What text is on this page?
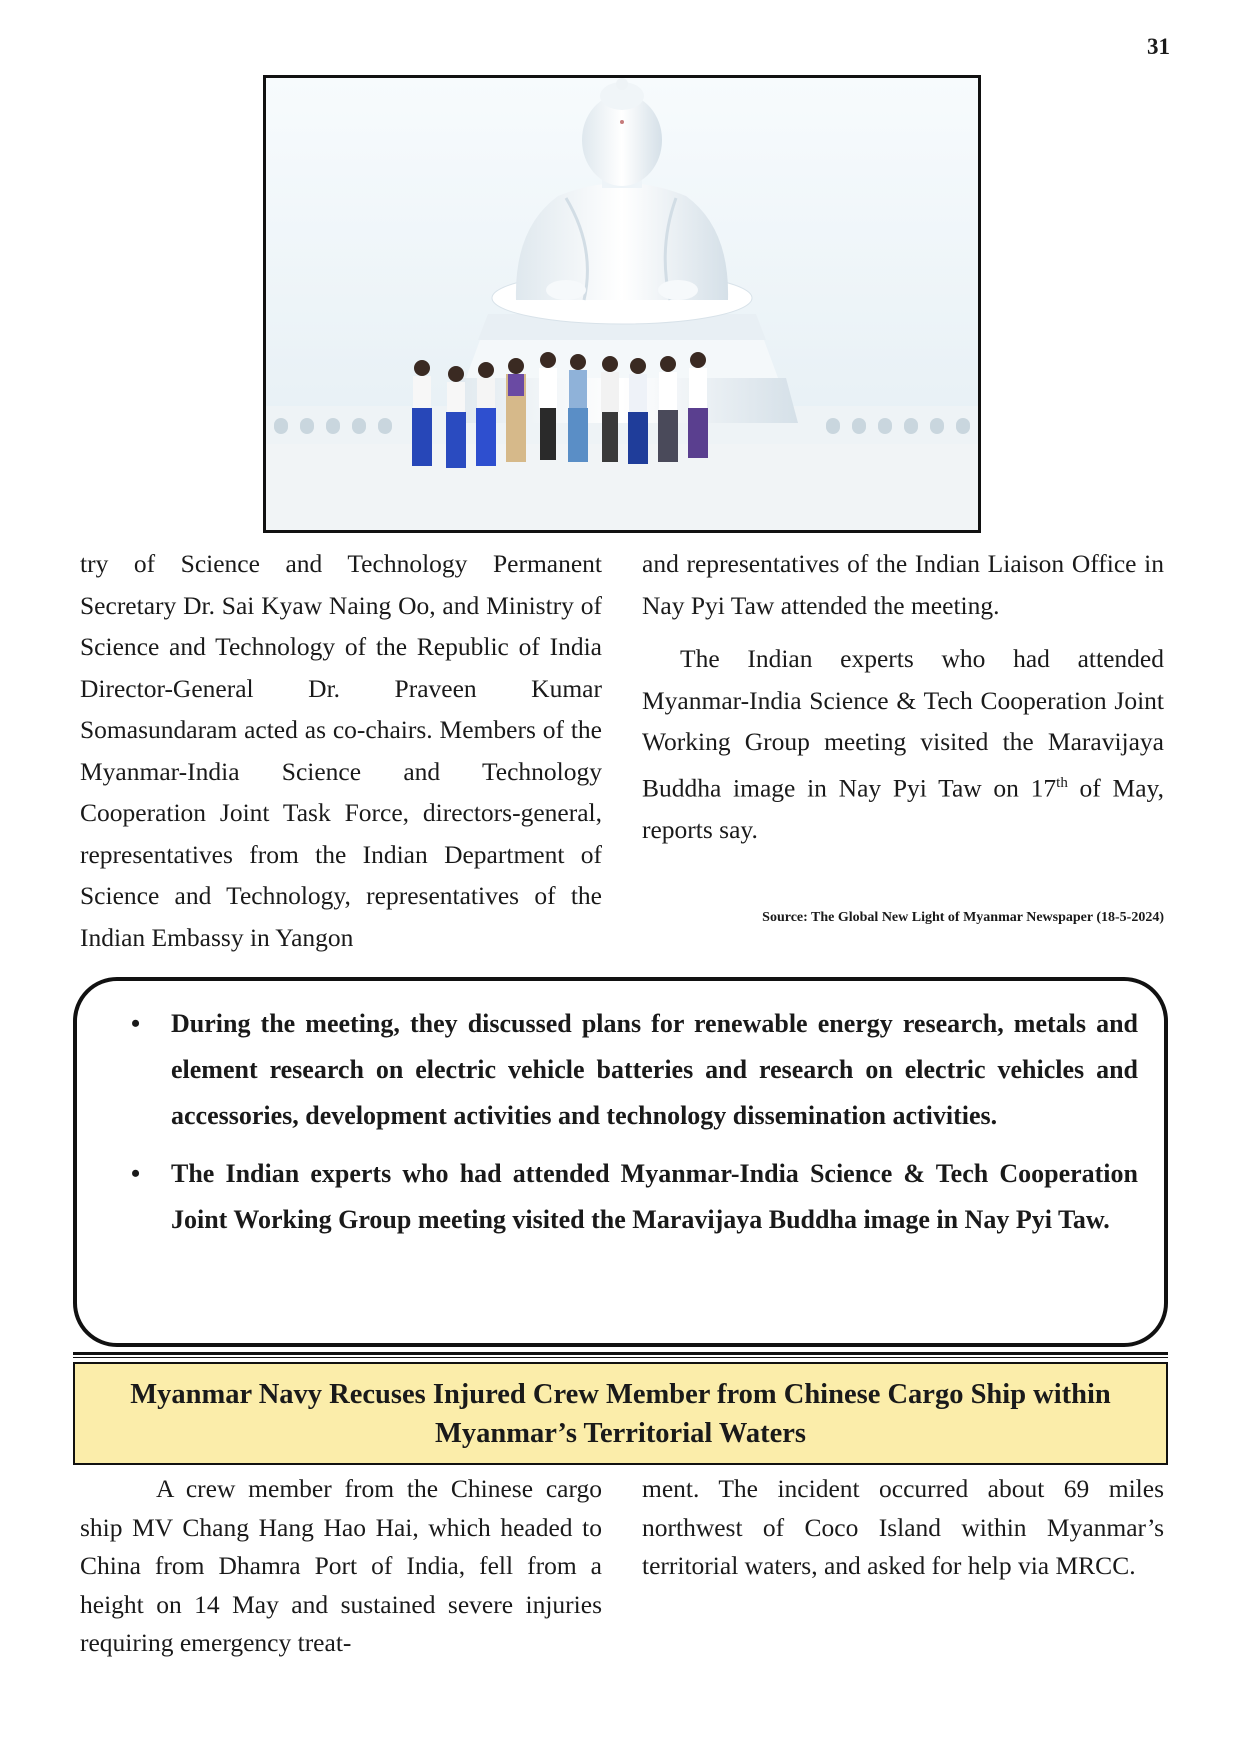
31

try of Science and Technology Permanent Secretary Dr. Sai Kyaw Naing Oo, and Ministry of Science and Technology of the Republic of India Director-General Dr. Praveen Kumar Somasundaram acted as co-chairs. Members of the Myanmar-India Science and Technology Cooperation Joint Task Force, directors-general, representatives from the Indian Department of Science and Technology, representatives of the Indian Embassy in Yangon

and representatives of the Indian Liaison Office in Nay Pyi Taw attended the meeting.

The Indian experts who had attended Myanmar-India Science & Tech Cooperation Joint Working Group meeting visited the Maravijaya Buddha image in Nay Pyi Taw on 17th of May, reports say.

Source: The Global New Light of Myanmar Newspaper (18-5-2024)
• During the meeting, they discussed plans for renewable energy research, metals and element research on electric vehicle batteries and research on electric vehicles and accessories, development activities and technology dissemination activities.
• The Indian experts who had attended Myanmar-India Science & Tech Cooperation Joint Working Group meeting visited the Maravijaya Buddha image in Nay Pyi Taw.
Myanmar Navy Recuses Injured Crew Member from Chinese Cargo Ship within
Myanmar’s Territorial Waters

A crew member from the Chinese cargo ship MV Chang Hang Hao Hai, which headed to China from Dhamra Port of India, fell from a height on 14 May and sustained severe injuries requiring emergency treat-

ment. The incident occurred about 69 miles northwest of Coco Island within Myanmar’s territorial waters, and asked for help via MRCC.
